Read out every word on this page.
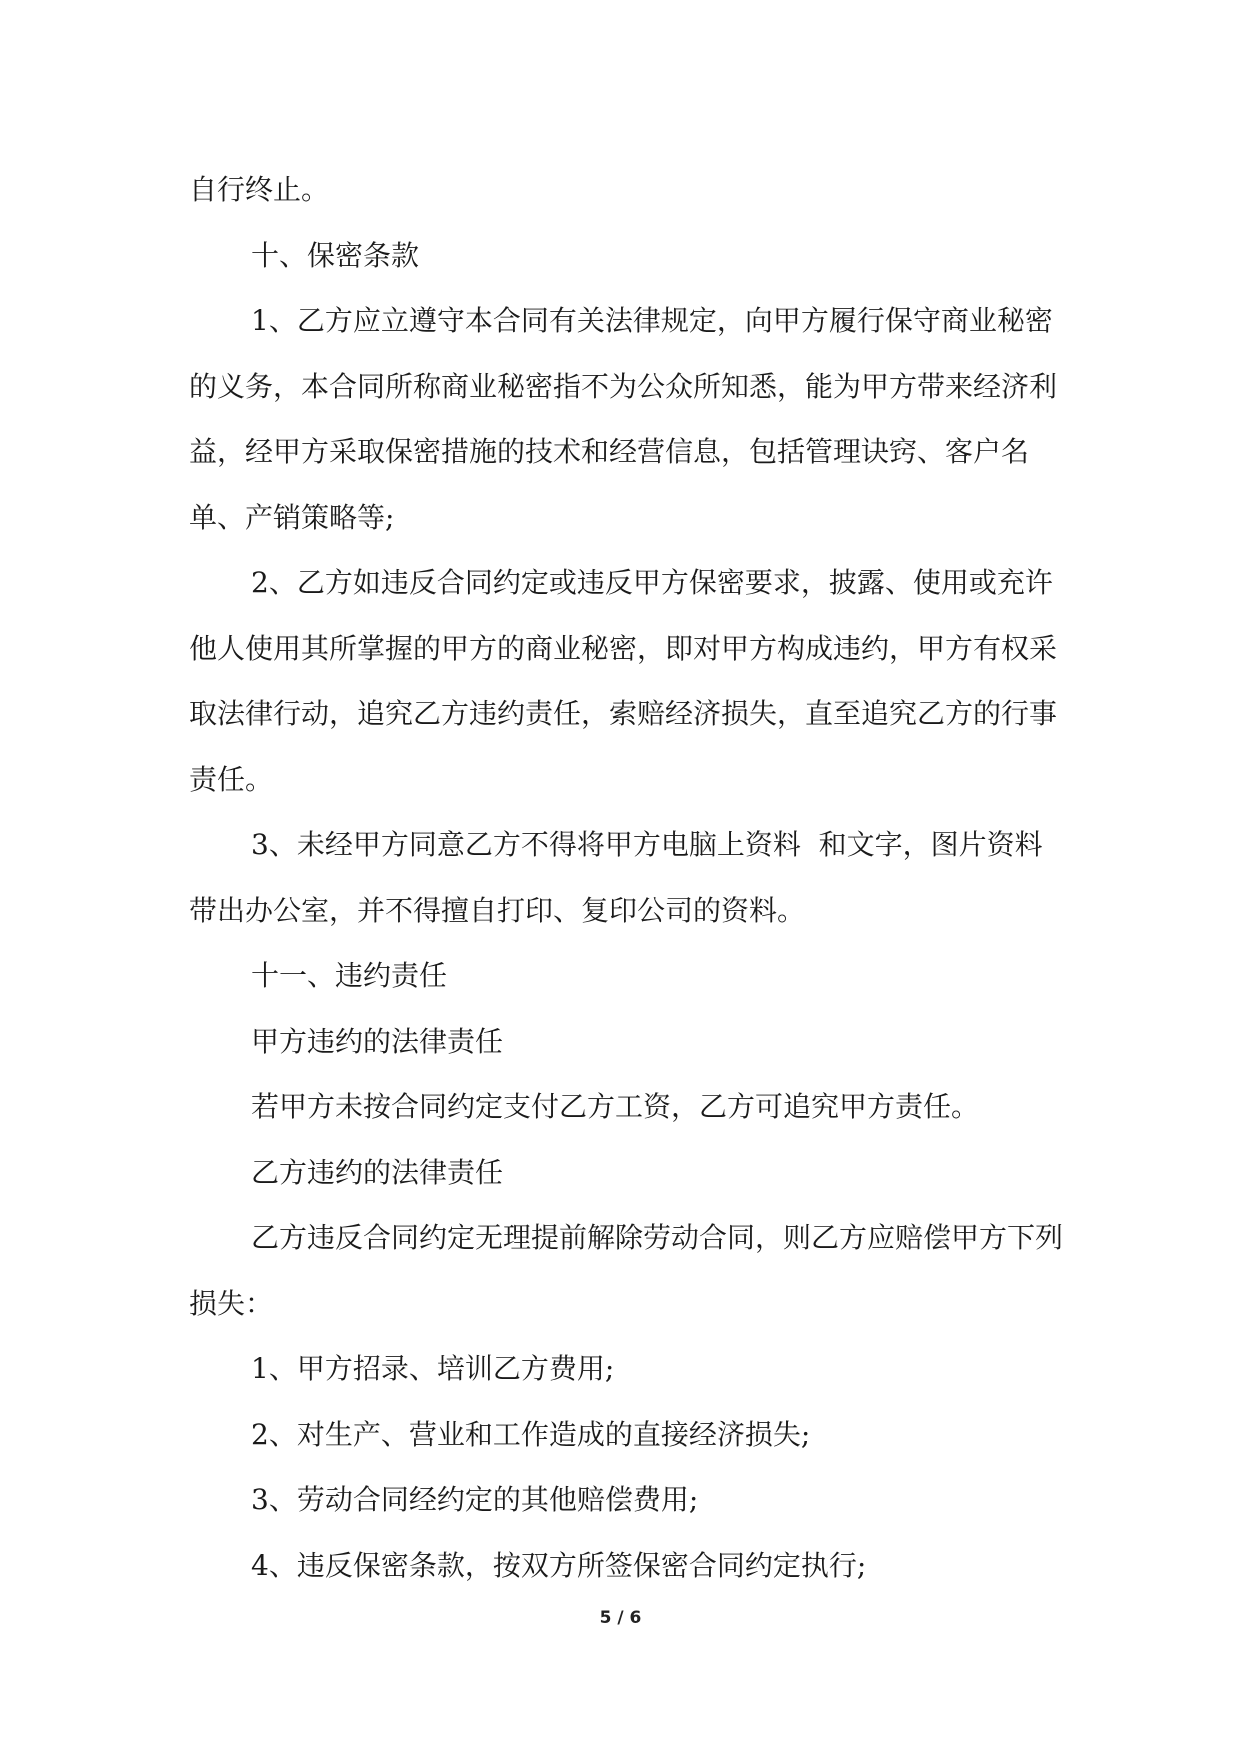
自行终止。

十、保密条款

1、乙方应立遵守本合同有关法律规定，向甲方履行保守商业秘密的义务，本合同所称商业秘密指不为公众所知悉，能为甲方带来经济利益，经甲方采取保密措施的技术和经营信息，包括管理诀窍、客户名单、产销策略等;

2、乙方如违反合同约定或违反甲方保密要求，披露、使用或充许他人使用其所掌握的甲方的商业秘密，即对甲方构成违约，甲方有权采取法律行动，追究乙方违约责任，索赔经济损失，直至追究乙方的行事责任。

3、未经甲方同意乙方不得将甲方电脑上资料  和文字，图片资料带出办公室，并不得擅自打印、复印公司的资料。

十一、违约责任

甲方违约的法律责任

若甲方未按合同约定支付乙方工资，乙方可追究甲方责任。

乙方违约的法律责任

乙方违反合同约定无理提前解除劳动合同，则乙方应赔偿甲方下列损失：

1、甲方招录、培训乙方费用;

2、对生产、营业和工作造成的直接经济损失;

3、劳动合同经约定的其他赔偿费用;

4、违反保密条款，按双方所签保密合同约定执行;

5 / 6
